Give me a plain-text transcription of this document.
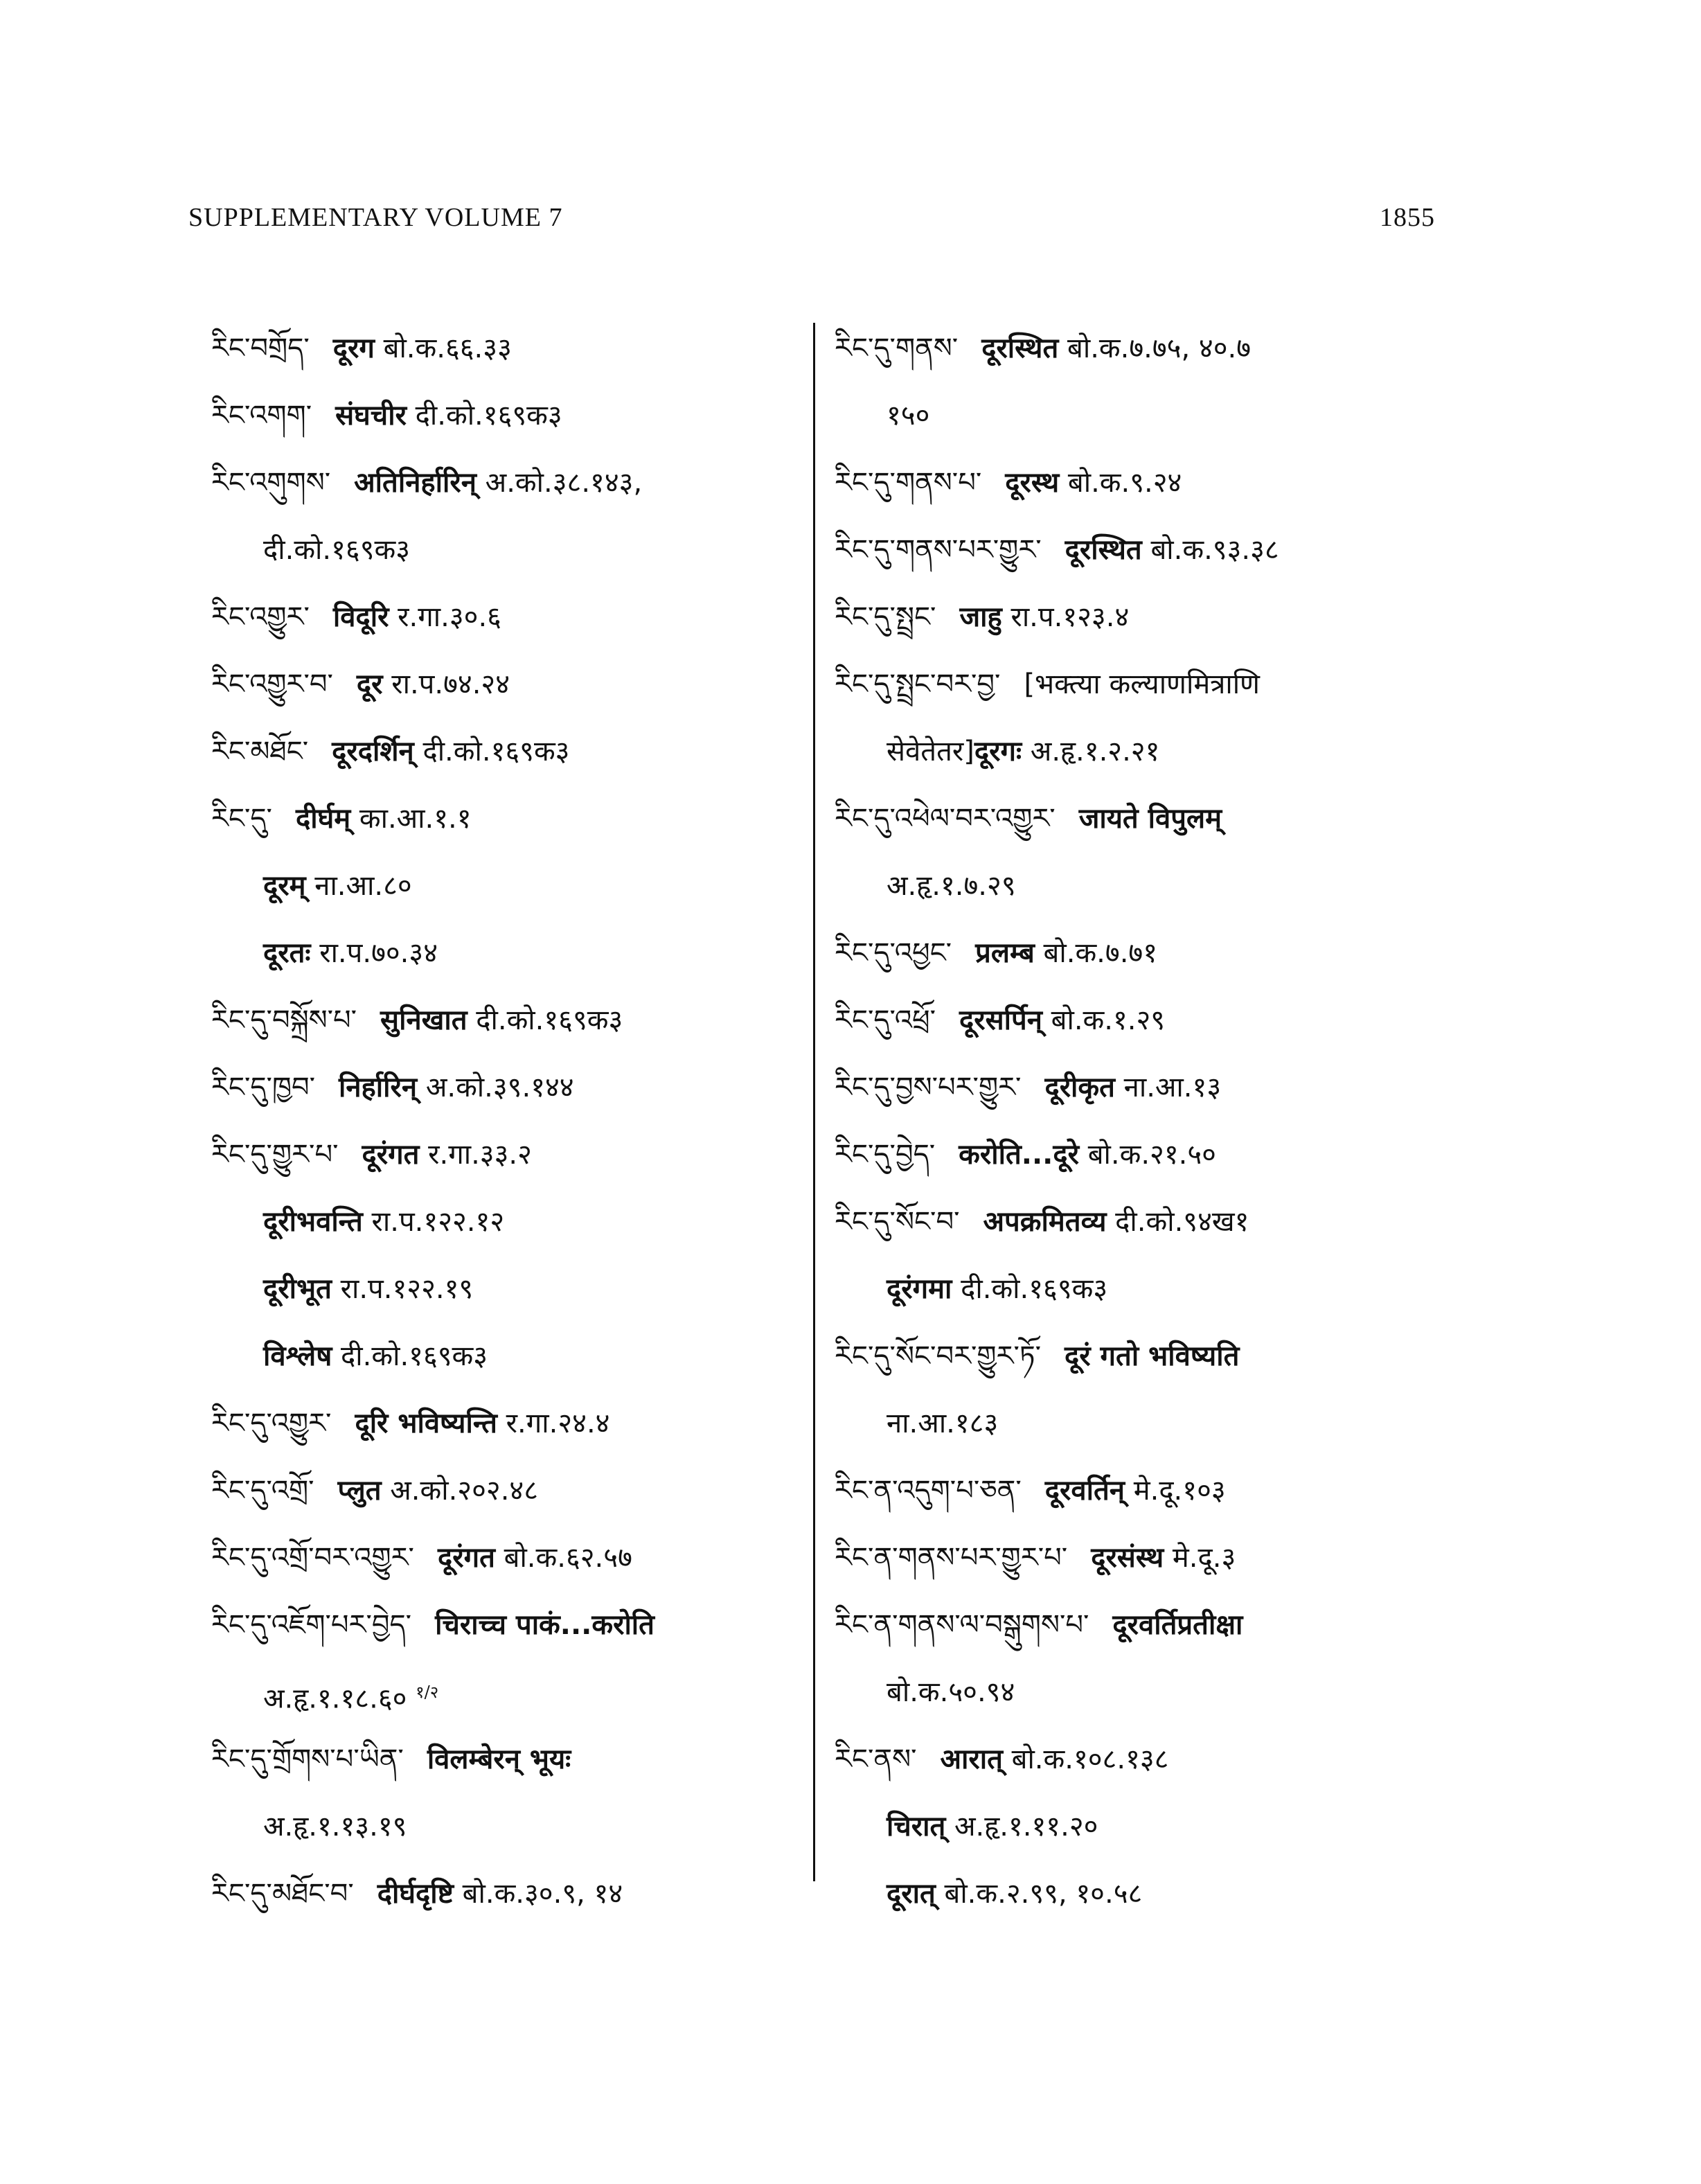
SUPPLEMENTARY VOLUME 7	1855
རིང་བགྲོད་ दूरग बो.क.६६.३३
རིང་འགག་ संघचीर दी.को.१६९क३
རིང་འགུགས་ अतिनिर्हारिन् अ.को.३८.१४३,
दी.को.१६९क३
རིང་འགྱུར་ विदूरि र.गा.३०.६
རིང་འགྱུར་བ་ दूर रा.प.७४.२४
རིང་མཐོང་ दूरदर्शिन् दी.को.१६९क३
རིང་དུ་ दीर्घम् का.आ.१.१
दूरम् ना.आ.८०
दूरतः रा.प.७०.३४
རིང་དུ་བསྐྲོས་པ་ सुनिखात दी.को.१६९क३
རིང་དུ་ཁྱབ་ निर्हारिन् अ.को.३९.१४४
རིང་དུ་གྱུར་པ་ दूरंगत र.गा.३३.२
दूरीभवन्ति रा.प.१२२.१२
दूरीभूत रा.प.१२२.१९
विश्लेष दी.को.१६९क३
རིང་དུ་འགྱུར་ दूरि भविष्यन्ति र.गा.२४.४
རིང་དུ་འགྲོ་ प्लुत अ.को.२०२.४८
རིང་དུ་འགྲོ་བར་འགྱུར་ दूरंगत बो.क.६२.५७
རིང་དུ་འཇོག་པར་བྱེད་ चिराच्च पाकं...करोति
अ.हृ.१.१८.६० $^{१/२}$
རིང་དུ་གྲོགས་པ་ཡིན་ विलम्बेरन् भूयः
अ.हृ.१.१३.१९
རིང་དུ་མཐོང་བ་ दीर्घदृष्टि बो.क.३०.९, १४
རིང་དུ་གནས་ दूरस्थित बो.क.७.७५, ४०.७
१५०
རིང་དུ་གནས་པ་ दूरस्थ बो.क.९.२४
རིང་དུ་གནས་པར་གྱུར་ दूरस्थित बो.क.९३.३८
རིང་དུ་སྤྲང་ जाहु रा.प.१२३.४
རིང་དུ་སྤྲང་བར་བྱ་ [भक्त्या कल्याणमित्राणि
सेवेतेतर]दूरगः अ.हृ.१.२.२१
རིང་དུ་འཕེལ་བར་འགྱུར་ जायते विपुलम्
अ.हृ.१.७.२९
རིང་དུ་འཕྱང་ प्रलम्ब बो.क.७.७१
རིང་དུ་འཕྲོ་ दूरसर्पिन् बो.क.१.२९
རིང་དུ་བྱས་པར་གྱུར་ दूरीकृत ना.आ.१३
རིང་དུ་བྱེད་ करोति...दूरे बो.क.२१.५०
རིང་དུ་སོང་བ་ अपक्रमितव्य दी.को.९४ख१
दूरंगमा दी.को.१६९क३
རིང་དུ་སོང་བར་གྱུར་ཏོ་ दूरं गतो भविष्यति
ना.आ.१८३
རིང་ན་འདུག་པ་ཅན་ दूरवर्तिन् मे.दू.१०३
རིང་ན་གནས་པར་གྱུར་པ་ दूरसंस्थ मे.दू.३
རིང་ན་གནས་ལ་བསྒུགས་པ་ दूरवर्तिप्रतीक्षा
बो.क.५०.९४
རིང་ནས་ आरात् बो.क.१०८.१३८
चिरात् अ.हृ.१.११.२०
दूरात् बो.क.२.९९, १०.५८
